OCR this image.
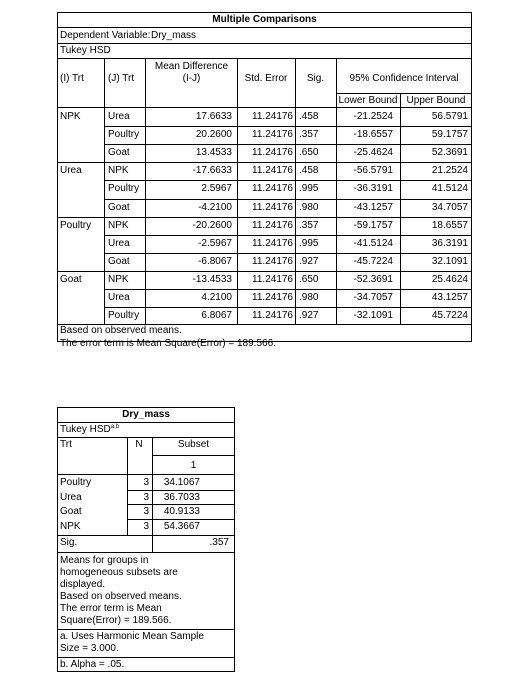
Multiple Comparisons
Dependent Variable: Dry_mass
Tukey HSD
(I) Trt (J) Trt
Mean Difference
(I-J)	Std. Error	Sig.	95% Confidence Interval
Lower Bound Upper Bound
NPK	Urea	17.6633	11.24176 .458	-21.2524	56.5791
Poultry	20.2600	11.24176 .357	-18.6557	59.1757
Goat	13.4533	11.24176 .650	-25.4624	52.3691
Urea	NPK	-17.6633	11.24176 .458	-56.5791	21.2524
Poultry	2.5967	11.24176 .995	-36.3191	41.5124
Goat	-4.2100	11.24176 .980	-43.1257	34.7057
Poultry NPK	-20.2600	11.24176 .357	-59.1757	18.6557
Urea	-2.5967	11.24176 .995	-41.5124	36.3191
Goat	-6.8067	11.24176 .927	-45.7224	32.1091
Goat	NPK	-13.4533	11.24176 .650	-52.3691	25.4624
Urea	4.2100	11.24176 .980	-34.7057	43.1257
Poultry	6.8067	11.24176 .927	-32.1091	45.7224
Based on observed means.
The error term is Mean Square(Error) = 189.566.
Dry_mass
Tukey HSD$^{a,b}$
Trt	N	Subset
1
Poultry	3	34.1067
Urea	3	36.7033
Goat	3	40.9133
NPK	3	54.3667
Sig.	.357
Means for groups in
homogeneous subsets are
displayed.
Based on observed means.
The error term is Mean
Square(Error) = 189.566.
a. Uses Harmonic Mean Sample
Size = 3.000.
b. Alpha = .05.
